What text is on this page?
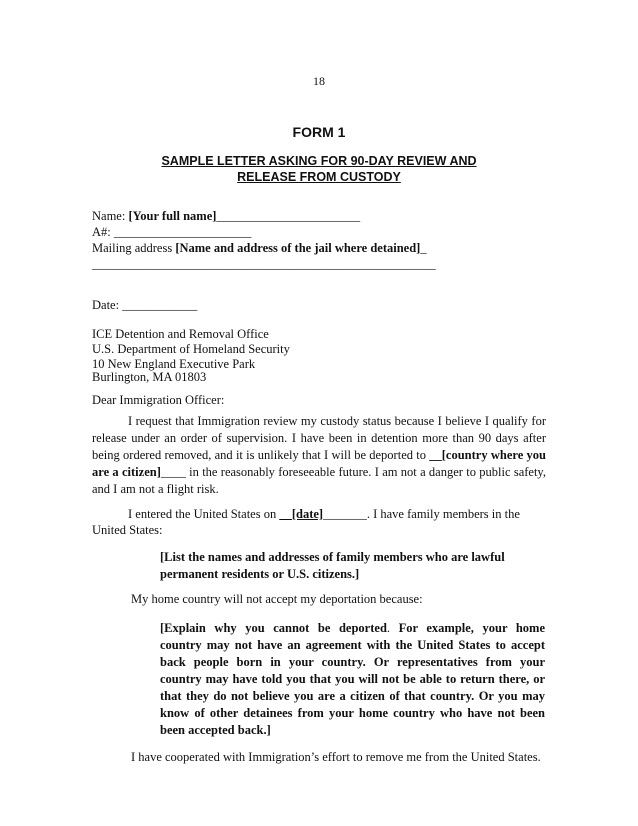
18
FORM 1
SAMPLE LETTER ASKING FOR 90-DAY REVIEW AND
RELEASE FROM CUSTODY
Name: [Your full name]_______________________
A#: ______________________
Mailing address [Name and address of the jail where detained]_
_______________________________________________________
Date: ____________
ICE Detention and Removal Office
U.S. Department of Homeland Security
10 New England Executive Park
Burlington, MA 01803
Dear Immigration Officer:
I request that Immigration review my custody status because I believe I qualify for
release under an order of supervision. I have been in detention more than 90 days after
being ordered removed, and it is unlikely that I will be deported to __[country where you
are a citizen]____ in the reasonably foreseeable future. I am not a danger to public safety,
and I am not a flight risk.
I entered the United States on __[date]_______. I have family members in the
United States:
[List the names and addresses of family members who are lawful
permanent residents or U.S. citizens.]
My home country will not accept my deportation because:
[Explain why you cannot be deported. For example, your home
country may not have an agreement with the United States to accept
back people born in your country. Or representatives from your
country may have told you that you will not be able to return there, or
that they do not believe you are a citizen of that country. Or you may
know of other detainees from your home country who have not been
been accepted back.]
I have cooperated with Immigration’s effort to remove me from the United States.
